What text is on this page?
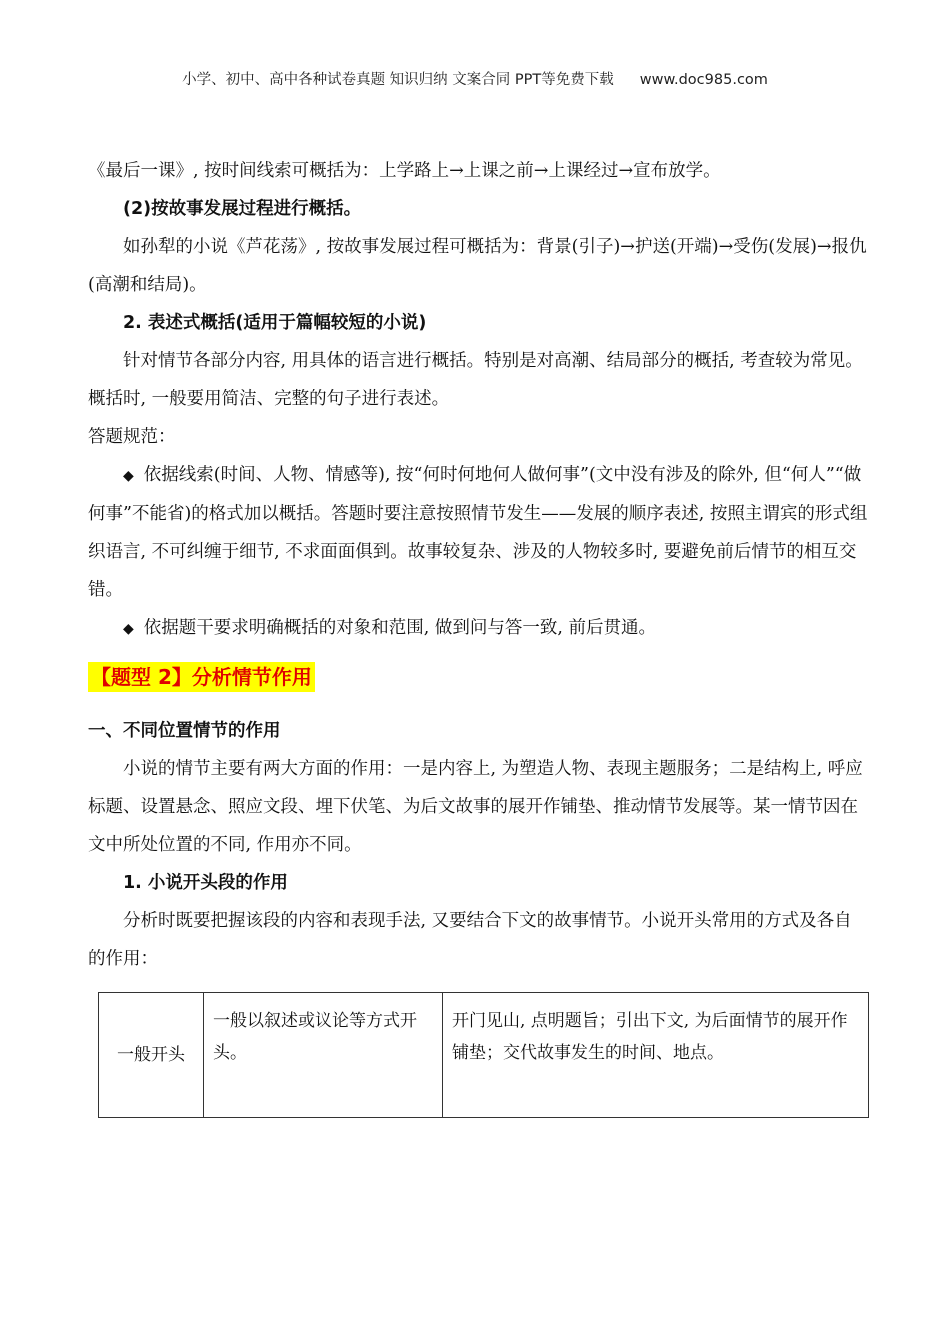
小学、初中、高中各种试卷真题 知识归纳 文案合同 PPT等免费下载 www.doc985.com

《最后一课》, 按时间线索可概括为：上学路上→上课之前→上课经过→宣布放学。

(2)按故事发展过程进行概括。

如孙犁的小说《芦花荡》, 按故事发展过程可概括为：背景(引子)→护送(开端)→受伤(发展)→报仇(高潮和结局)。

2. 表述式概括(适用于篇幅较短的小说)

针对情节各部分内容, 用具体的语言进行概括。特别是对高潮、结局部分的概括, 考查较为常见。概括时, 一般要用简洁、完整的句子进行表述。

答题规范：

◆ 依据线索(时间、人物、情感等), 按“何时何地何人做何事”(文中没有涉及的除外, 但“何人”“做何事”不能省)的格式加以概括。答题时要注意按照情节发生——发展的顺序表述, 按照主谓宾的形式组织语言, 不可纠缠于细节, 不求面面俱到。故事较复杂、涉及的人物较多时, 要避免前后情节的相互交错。

◆ 依据题干要求明确概括的对象和范围, 做到问与答一致, 前后贯通。

【题型 2】分析情节作用

一、不同位置情节的作用

小说的情节主要有两大方面的作用：一是内容上, 为塑造人物、表现主题服务；二是结构上, 呼应标题、设置悬念、照应文段、埋下伏笔、为后文故事的展开作铺垫、推动情节发展等。某一情节因在文中所处位置的不同, 作用亦不同。

1. 小说开头段的作用

分析时既要把握该段的内容和表现手法, 又要结合下文的故事情节。小说开头常用的方式及各自的作用：

一般开头	一般以叙述或议论等方式开头。	开门见山, 点明题旨；引出下文, 为后面情节的展开作铺垫；交代故事发生的时间、地点。
